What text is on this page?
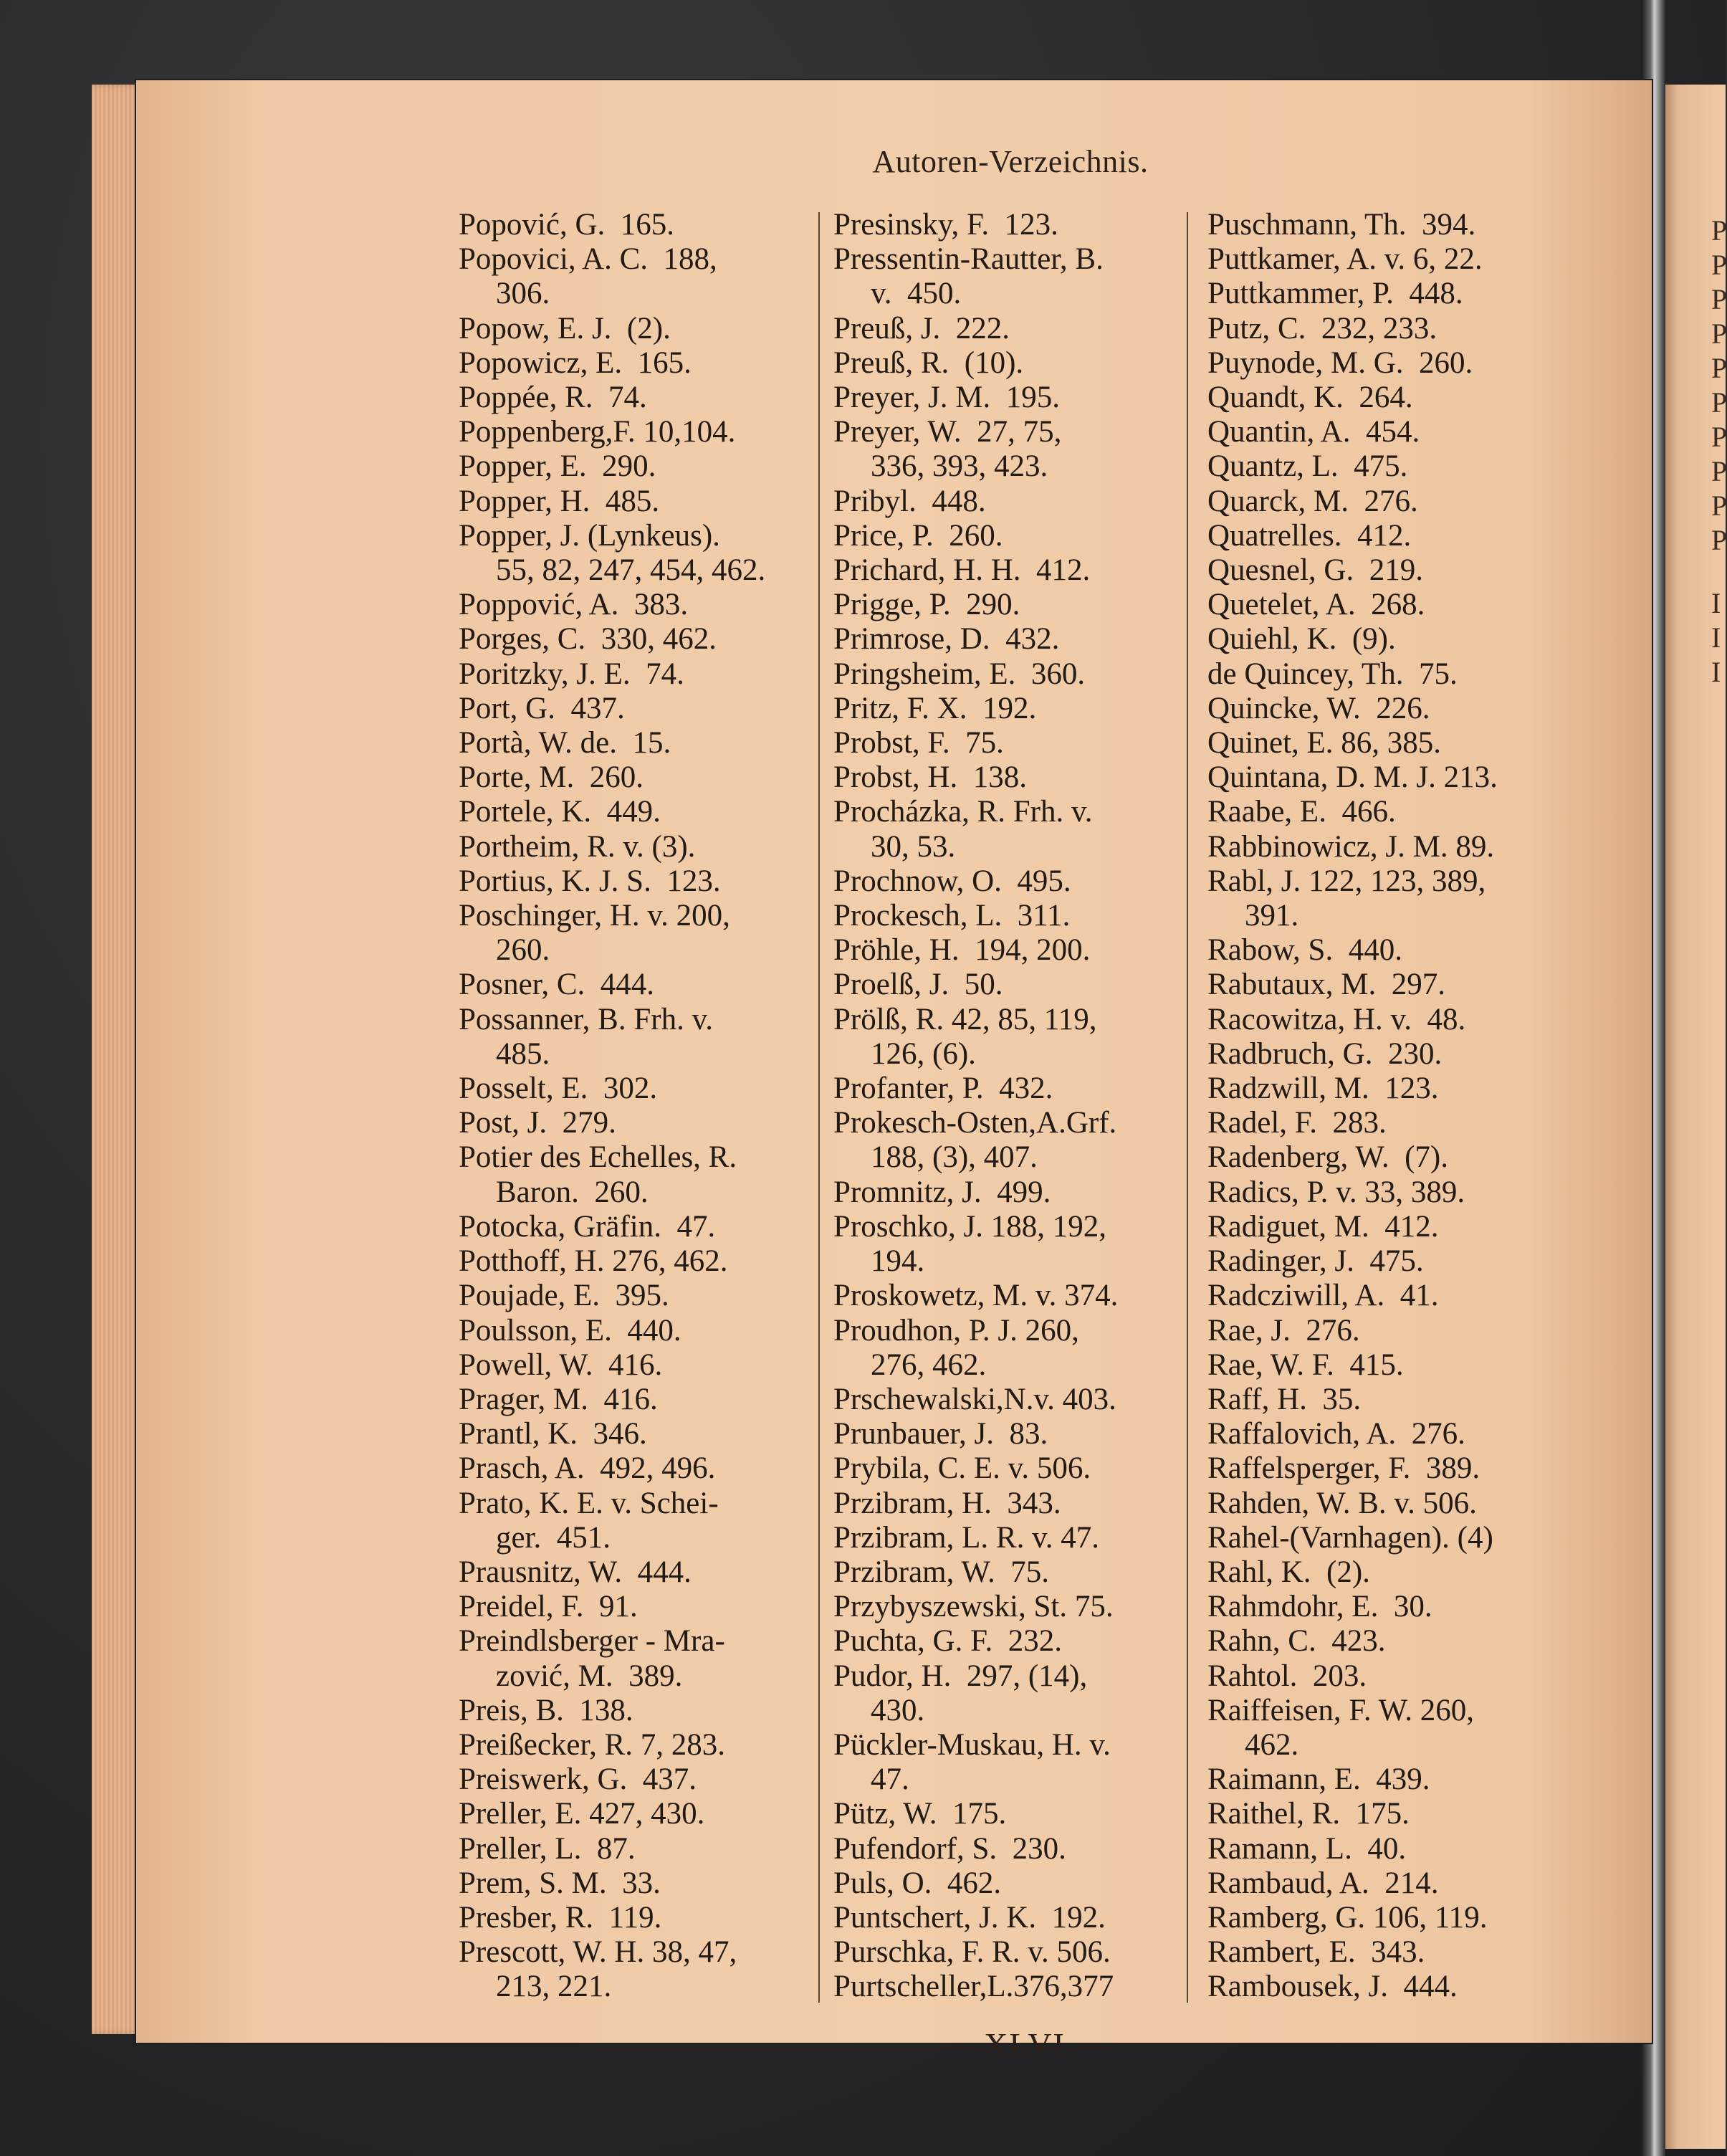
P
P
P
P
P
P
P
P
P
P
I
I
I
Autoren-Verzeichnis.
Popović, G.  165.
Popovici, A. C.  188,
306.
Popow, E. J.  (2).
Popowicz, E.  165.
Poppée, R.  74.
Poppenberg,F. 10,104.
Popper, E.  290.
Popper, H.  485.
Popper, J. (Lynkeus).
55, 82, 247, 454, 462.
Poppović, A.  383.
Porges, C.  330, 462.
Poritzky, J. E.  74.
Port, G.  437.
Portà, W. de.  15.
Porte, M.  260.
Portele, K.  449.
Portheim, R. v. (3).
Portius, K. J. S.  123.
Poschinger, H. v. 200,
260.
Posner, C.  444.
Possanner, B. Frh. v.
485.
Posselt, E.  302.
Post, J.  279.
Potier des Echelles, R.
Baron.  260.
Potocka, Gräfin.  47.
Potthoff, H. 276, 462.
Poujade, E.  395.
Poulsson, E.  440.
Powell, W.  416.
Prager, M.  416.
Prantl, K.  346.
Prasch, A.  492, 496.
Prato, K. E. v. Schei-
ger.  451.
Prausnitz, W.  444.
Preidel, F.  91.
Preindlsberger - Mra-
zović, M.  389.
Preis, B.  138.
Preißecker, R. 7, 283.
Preiswerk, G.  437.
Preller, E. 427, 430.
Preller, L.  87.
Prem, S. M.  33.
Presber, R.  119.
Prescott, W. H. 38, 47,
213, 221.
Presinsky, F.  123.
Pressentin-Rautter, B.
v.  450.
Preuß, J.  222.
Preuß, R.  (10).
Preyer, J. M.  195.
Preyer, W.  27, 75,
336, 393, 423.
Pribyl.  448.
Price, P.  260.
Prichard, H. H.  412.
Prigge, P.  290.
Primrose, D.  432.
Pringsheim, E.  360.
Pritz, F. X.  192.
Probst, F.  75.
Probst, H.  138.
Procházka, R. Frh. v.
30, 53.
Prochnow, O.  495.
Prockesch, L.  311.
Pröhle, H.  194, 200.
Proelß, J.  50.
Prölß, R. 42, 85, 119,
126, (6).
Profanter, P.  432.
Prokesch-Osten,A.Grf.
188, (3), 407.
Promnitz, J.  499.
Proschko, J. 188, 192,
194.
Proskowetz, M. v. 374.
Proudhon, P. J. 260,
276, 462.
Prschewalski,N.v. 403.
Prunbauer, J.  83.
Prybila, C. E. v. 506.
Przibram, H.  343.
Przibram, L. R. v. 47.
Przibram, W.  75.
Przybyszewski, St. 75.
Puchta, G. F.  232.
Pudor, H.  297, (14),
430.
Pückler-Muskau, H. v.
47.
Pütz, W.  175.
Pufendorf, S.  230.
Puls, O.  462.
Puntschert, J. K.  192.
Purschka, F. R. v. 506.
Purtscheller,L.376,377
Puschmann, Th.  394.
Puttkamer, A. v. 6, 22.
Puttkammer, P.  448.
Putz, C.  232, 233.
Puynode, M. G.  260.
Quandt, K.  264.
Quantin, A.  454.
Quantz, L.  475.
Quarck, M.  276.
Quatrelles.  412.
Quesnel, G.  219.
Quetelet, A.  268.
Quiehl, K.  (9).
de Quincey, Th.  75.
Quincke, W.  226.
Quinet, E. 86, 385.
Quintana, D. M. J. 213.
Raabe, E.  466.
Rabbinowicz, J. M. 89.
Rabl, J. 122, 123, 389,
391.
Rabow, S.  440.
Rabutaux, M.  297.
Racowitza, H. v.  48.
Radbruch, G.  230.
Radzwill, M.  123.
Radel, F.  283.
Radenberg, W.  (7).
Radics, P. v. 33, 389.
Radiguet, M.  412.
Radinger, J.  475.
Radcziwill, A.  41.
Rae, J.  276.
Rae, W. F.  415.
Raff, H.  35.
Raffalovich, A.  276.
Raffelsperger, F.  389.
Rahden, W. B. v. 506.
Rahel-(Varnhagen). (4)
Rahl, K.  (2).
Rahmdohr, E.  30.
Rahn, C.  423.
Rahtol.  203.
Raiffeisen, F. W. 260,
462.
Raimann, E.  439.
Raithel, R.  175.
Ramann, L.  40.
Rambaud, A.  214.
Ramberg, G. 106, 119.
Rambert, E.  343.
Rambousek, J.  444.
— XLVI —
